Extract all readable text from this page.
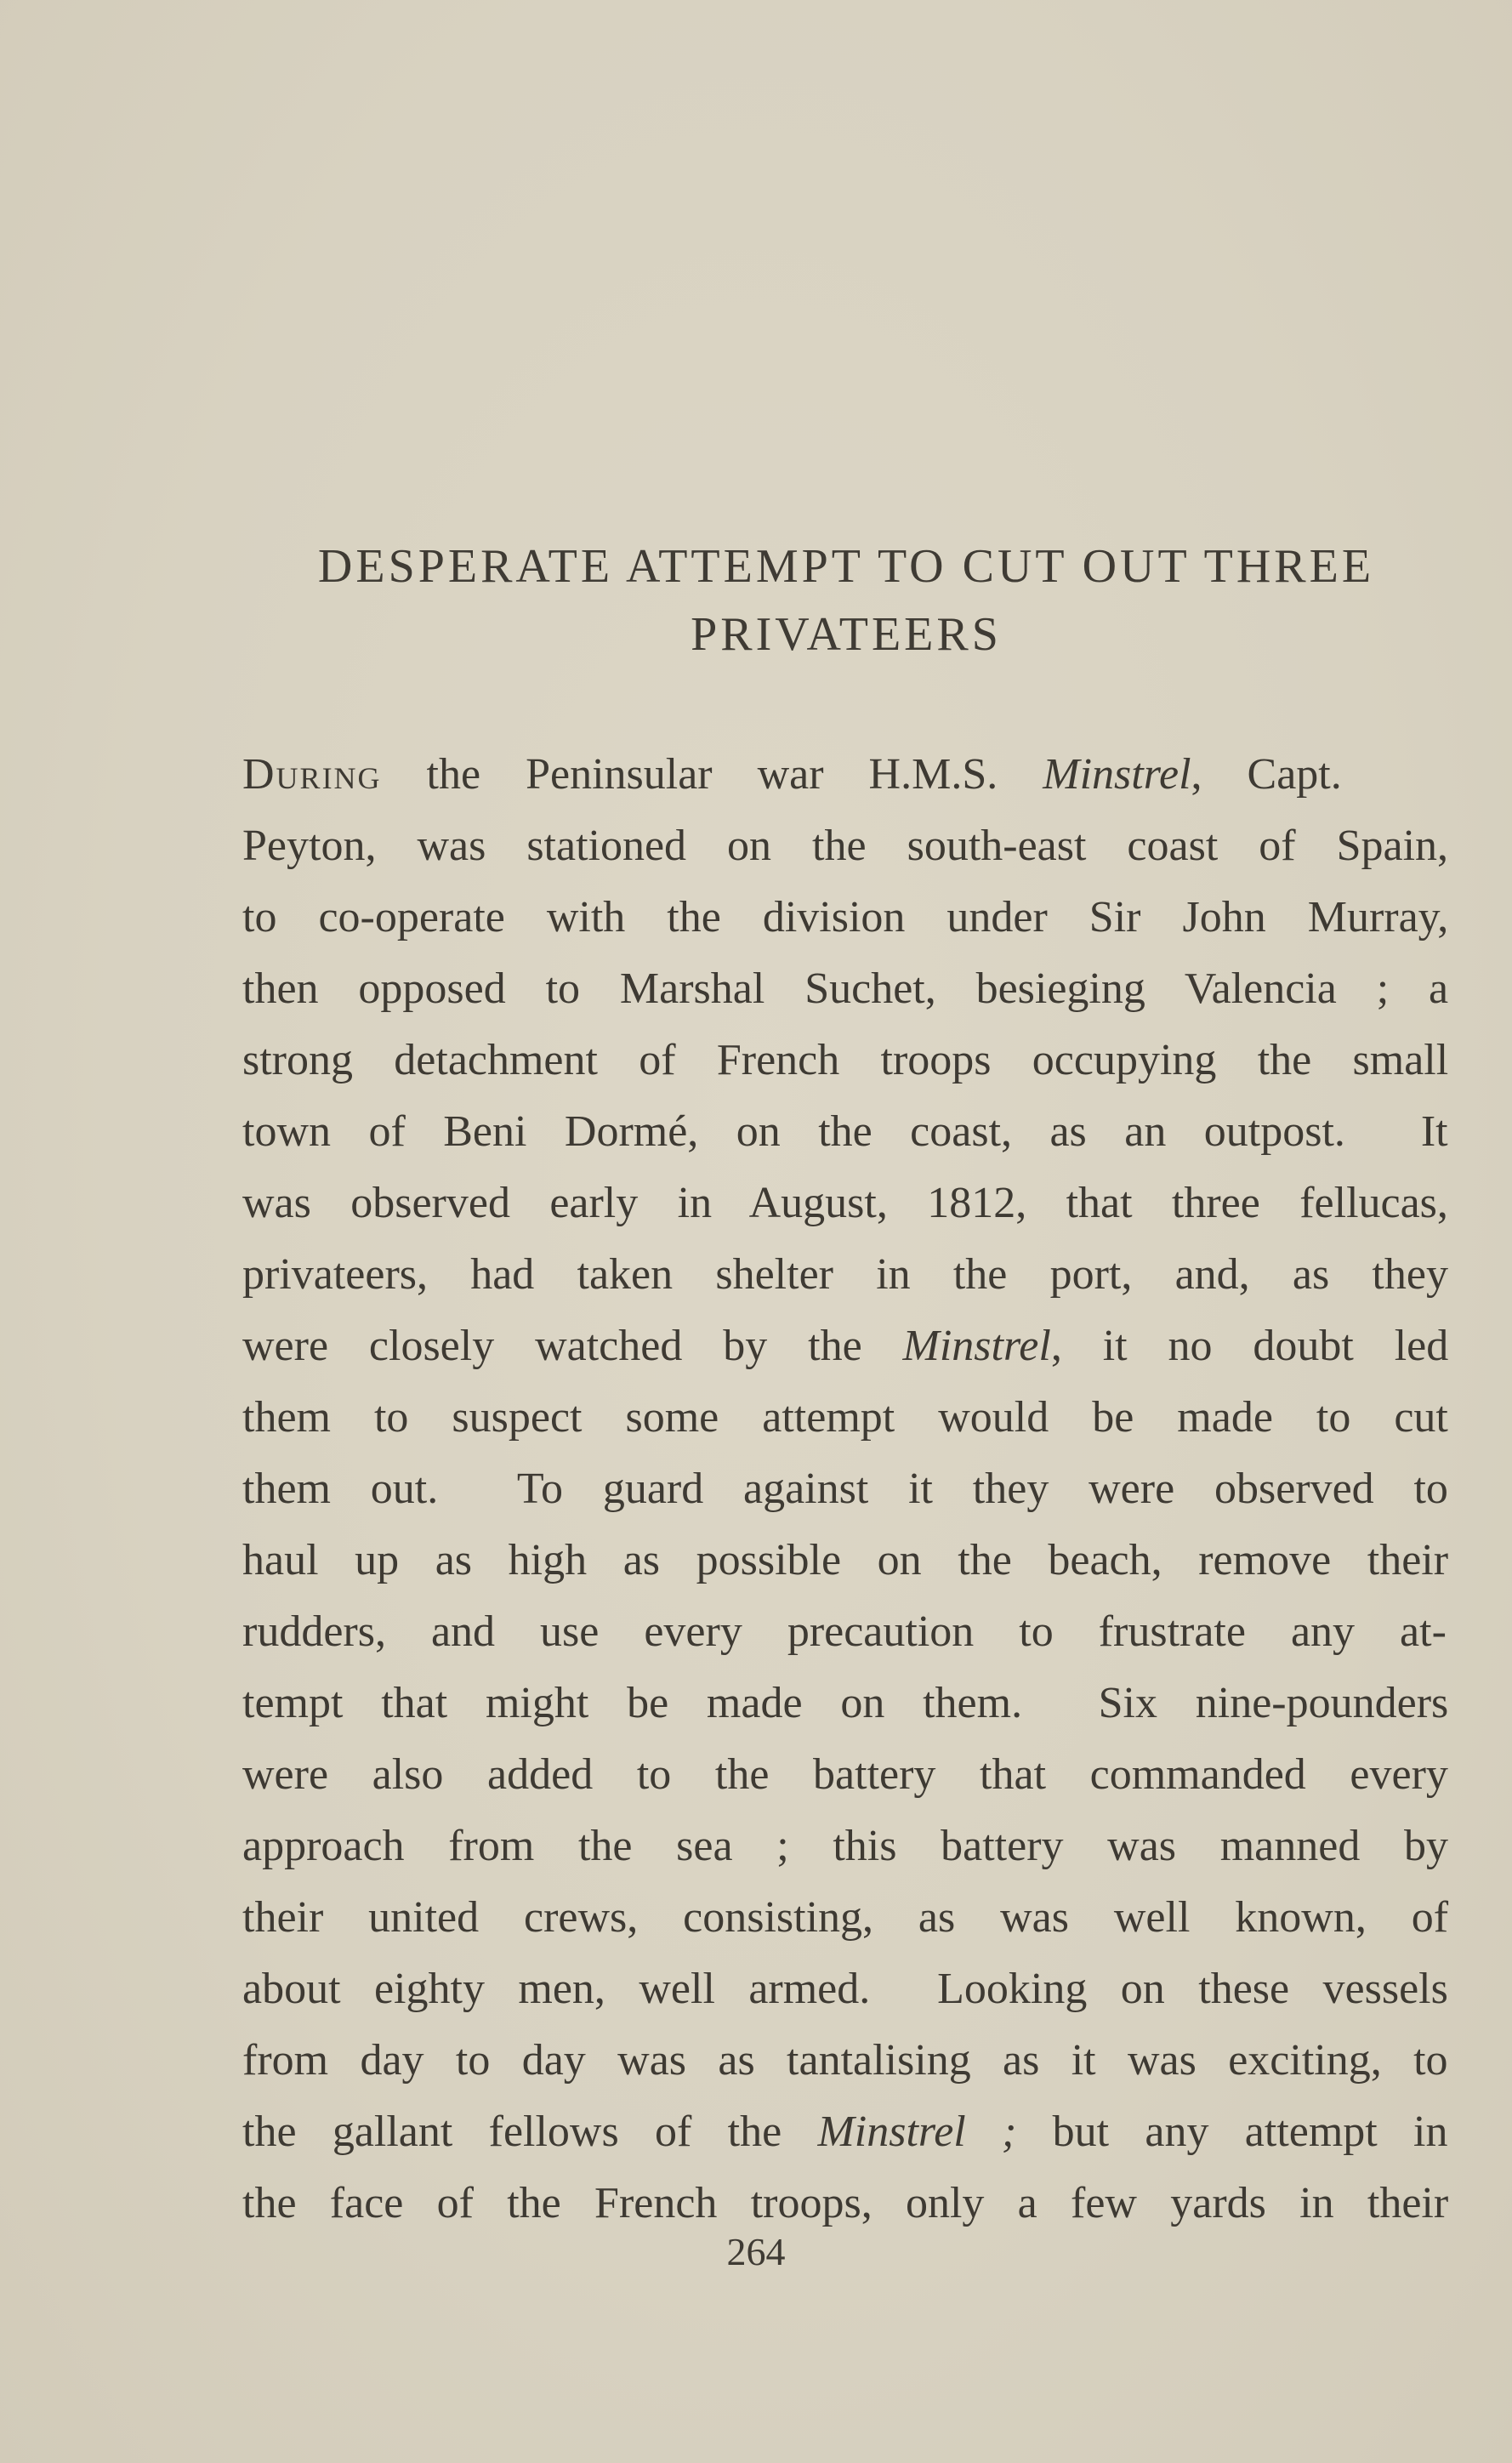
DESPERATE ATTEMPT TO CUT OUT THREE
PRIVATEERS
During the Peninsular war H.M.S. Minstrel, Capt.
Peyton, was stationed on the south-east coast of Spain,
to co-operate with the division under Sir John Murray,
then opposed to Marshal Suchet, besieging Valencia ; a
strong detachment of French troops occupying the small
town of Beni Dormé, on the coast, as an outpost.  It
was observed early in August, 1812, that three fellucas,
privateers, had taken shelter in the port, and, as they
were closely watched by the Minstrel, it no doubt led
them to suspect some attempt would be made to cut
them out.  To guard against it they were observed to
haul up as high as possible on the beach, remove their
rudders, and use every precaution to frustrate any at-
tempt that might be made on them.  Six nine-pounders
were also added to the battery that commanded every
approach from the sea ; this battery was manned by
their united crews, consisting, as was well known, of
about eighty men, well armed.  Looking on these vessels
from day to day was as tantalising as it was exciting, to
the gallant fellows of the Minstrel ; but any attempt in
the face of the French troops, only a few yards in their

264
